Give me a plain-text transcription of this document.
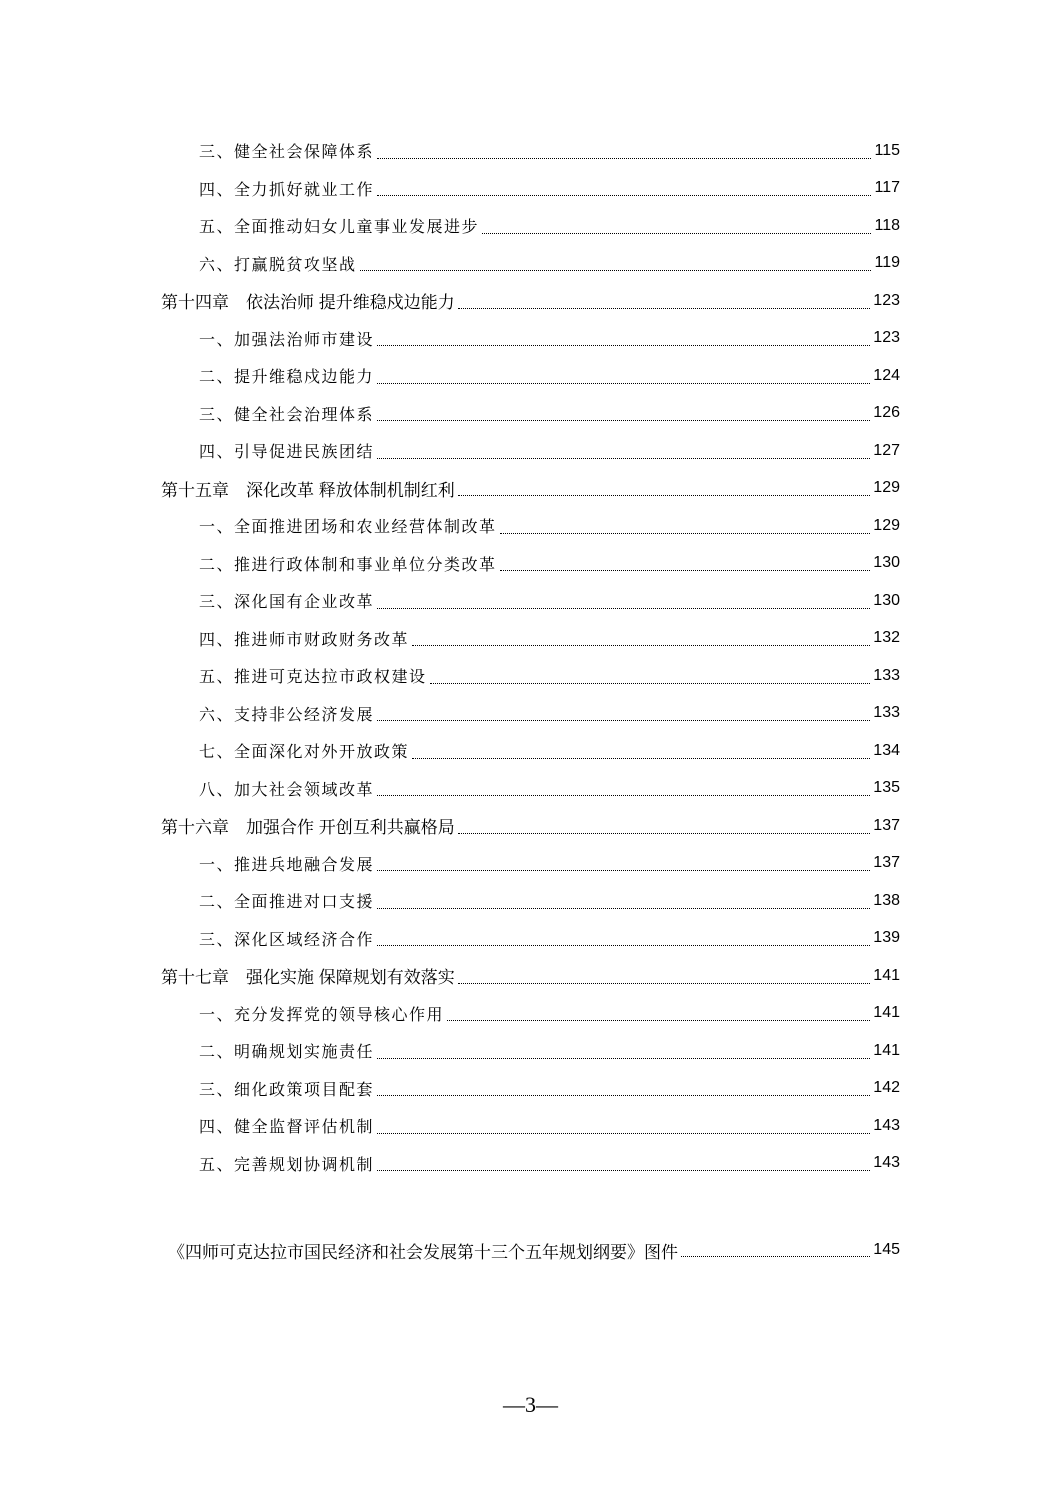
三、健全社会保障体系	115
四、全力抓好就业工作	117
五、全面推动妇女儿童事业发展进步	118
六、打赢脱贫攻坚战	119
第十四章　依法治师 提升维稳戍边能力	123
一、加强法治师市建设	123
二、提升维稳戍边能力	124
三、健全社会治理体系	126
四、引导促进民族团结	127
第十五章　深化改革 释放体制机制红利	129
一、全面推进团场和农业经营体制改革	129
二、推进行政体制和事业单位分类改革	130
三、深化国有企业改革	130
四、推进师市财政财务改革	132
五、推进可克达拉市政权建设	133
六、支持非公经济发展	133
七、全面深化对外开放政策	134
八、加大社会领域改革	135
第十六章　加强合作 开创互利共赢格局	137
一、推进兵地融合发展	137
二、全面推进对口支援	138
三、深化区域经济合作	139
第十七章　强化实施 保障规划有效落实	141
一、充分发挥党的领导核心作用	141
二、明确规划实施责任	141
三、细化政策项目配套	142
四、健全监督评估机制	143
五、完善规划协调机制	143
《四师可克达拉市国民经济和社会发展第十三个五年规划纲要》图件	145
—3—
